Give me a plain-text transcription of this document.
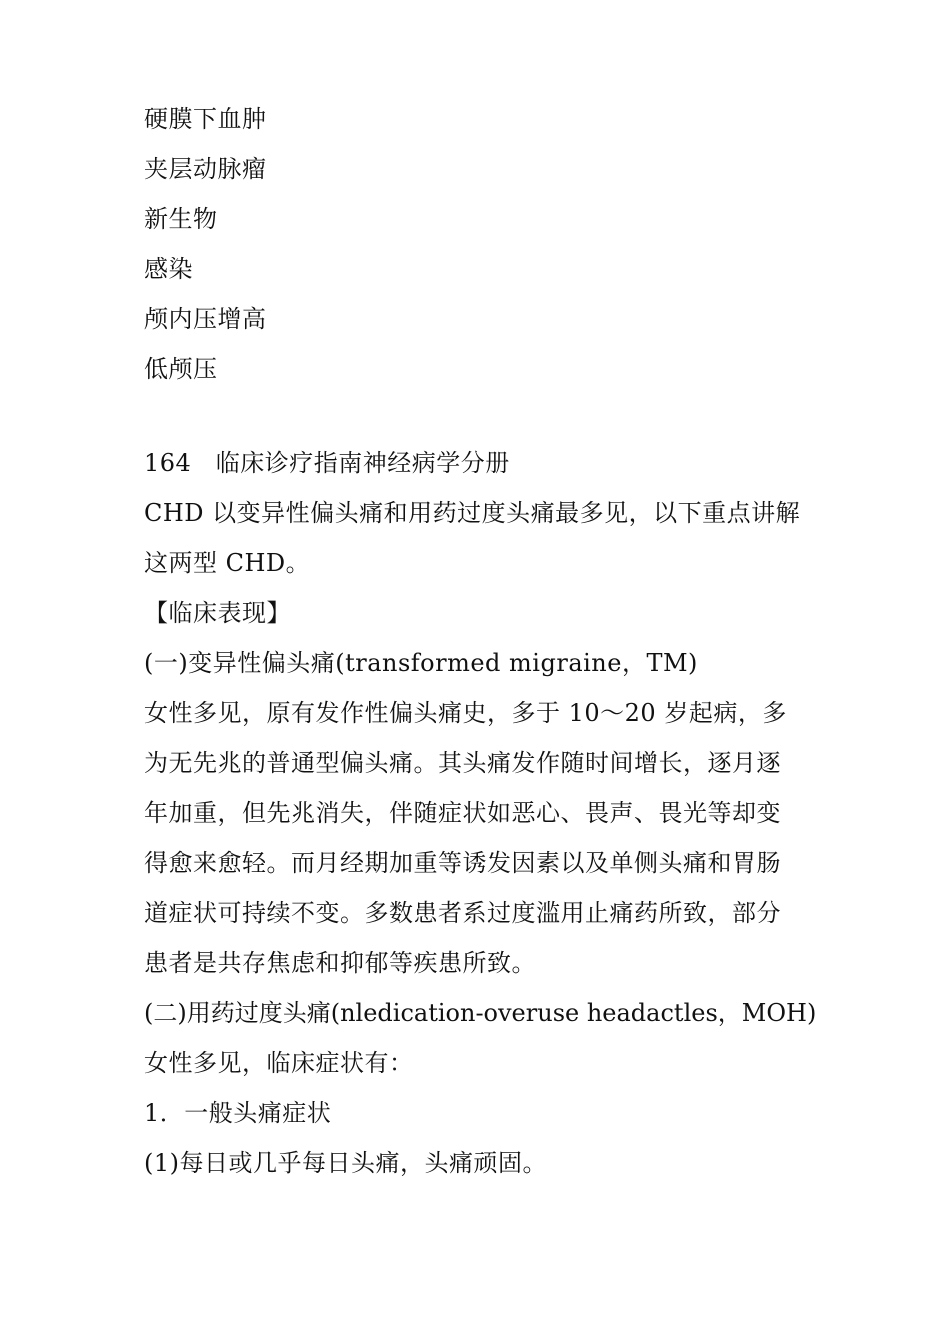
硬膜下血肿
夹层动脉瘤
新生物
感染
颅内压增高
低颅压
164　临床诊疗指南神经病学分册
CHD 以变异性偏头痛和用药过度头痛最多见，以下重点讲解
这两型 CHD。
【临床表现】
(一)变异性偏头痛(transformed migraine，TM)
女性多见，原有发作性偏头痛史，多于 10～20 岁起病，多
为无先兆的普通型偏头痛。其头痛发作随时间增长，逐月逐
年加重，但先兆消失，伴随症状如恶心、畏声、畏光等却变
得愈来愈轻。而月经期加重等诱发因素以及单侧头痛和胃肠
道症状可持续不变。多数患者系过度滥用止痛药所致，部分
患者是共存焦虑和抑郁等疾患所致。
(二)用药过度头痛(nledication-overuse headactles，MOH)
女性多见，临床症状有：
1．一般头痛症状
(1)每日或几乎每日头痛，头痛顽固。
